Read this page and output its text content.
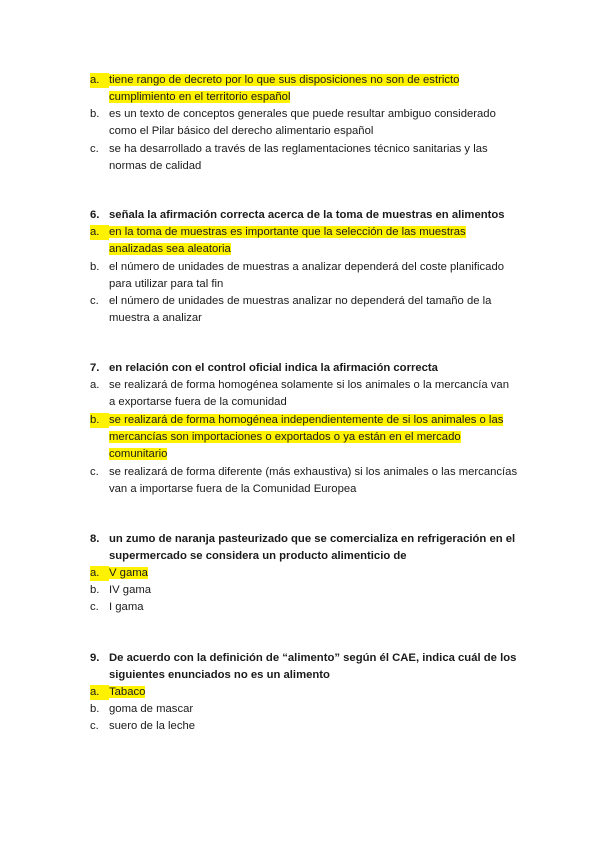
a. tiene rango de decreto por lo que sus disposiciones no son de estricto
cumplimiento en el territorio español
b. es un texto de conceptos generales que puede resultar ambiguo considerado
como el Pilar básico del derecho alimentario español
c. se ha desarrollado a través de las reglamentaciones técnico sanitarias y las
normas de calidad
6. señala la afirmación correcta acerca de la toma de muestras en alimentos
a. en la toma de muestras es importante que la selección de las muestras
analizadas sea aleatoria
b. el número de unidades de muestras a analizar dependerá del coste planificado
para utilizar para tal fin
c. el número de unidades de muestras analizar no dependerá del tamaño de la
muestra a analizar
7. en relación con el control oficial indica la afirmación correcta
a. se realizará de forma homogénea solamente si los animales o la mercancía van
a exportarse fuera de la comunidad
b. se realizará de forma homogénea independientemente de si los animales o las
mercancías son importaciones o exportados o ya están en el mercado
comunitario
c. se realizará de forma diferente (más exhaustiva) si los animales o las mercancías
van a importarse fuera de la Comunidad Europea
8. un zumo de naranja pasteurizado que se comercializa en refrigeración en el
supermercado se considera un producto alimenticio de
a. V gama
b. IV gama
c. I gama
9. De acuerdo con la definición de “alimento” según él CAE, indica cuál de los
siguientes enunciados no es un alimento
a. Tabaco
b. goma de mascar
c. suero de la leche
